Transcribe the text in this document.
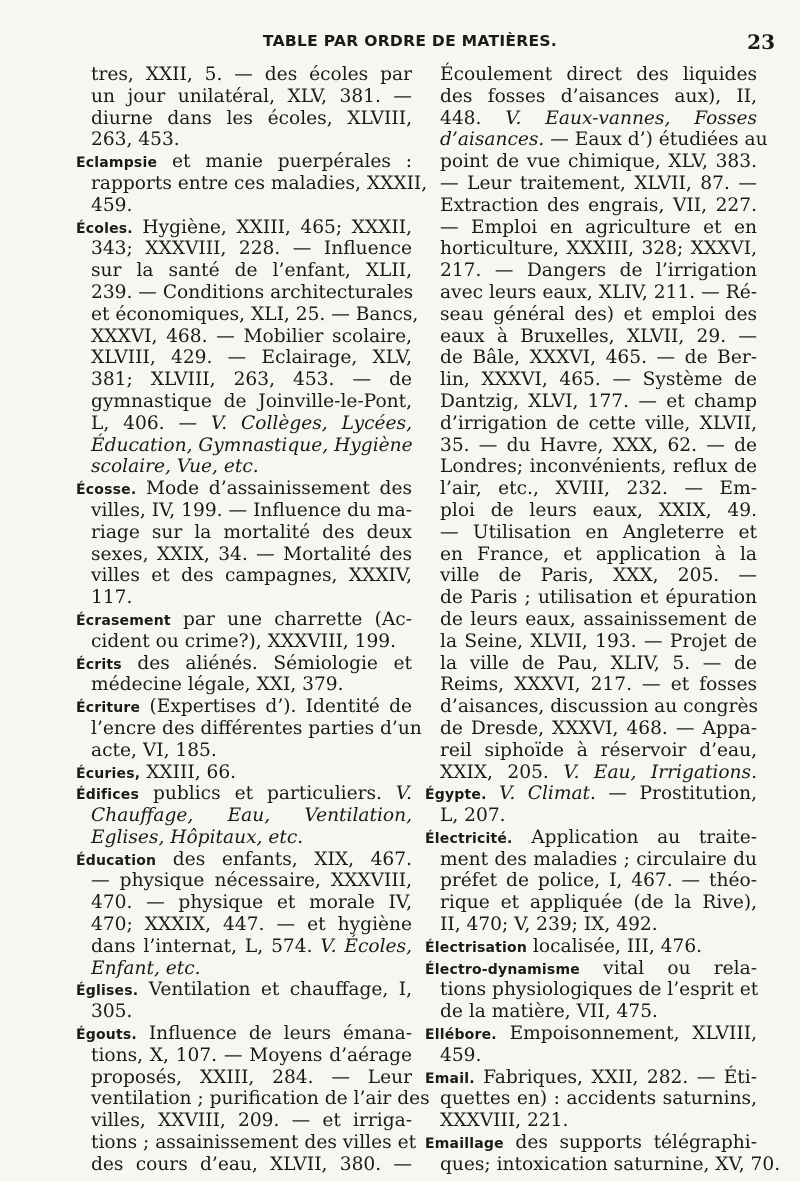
TABLE PAR ORDRE DE MATIÈRES.	23
tres, XXII, 5. — des écoles par
un jour unilatéral, XLV, 381. —
diurne dans les écoles, XLVIII,
263, 453.
Eclampsie et manie puerpérales :
rapports entre ces maladies, XXXII,
459.
Écoles. Hygiène, XXIII, 465; XXXII,
343; XXXVIII, 228. — Influence
sur la santé de l’enfant, XLII,
239. — Conditions architecturales
et économiques, XLI, 25. — Bancs,
XXXVI, 468. — Mobilier scolaire,
XLVIII, 429. — Eclairage, XLV,
381; XLVIII, 263, 453. — de
gymnastique de Joinville-le-Pont,
L, 406. — V. Collèges, Lycées,
Éducation, Gymnastique, Hygiène
scolaire, Vue, etc.
Écosse. Mode d’assainissement des
villes, IV, 199. — Influence du ma-
riage sur la mortalité des deux
sexes, XXIX, 34. — Mortalité des
villes et des campagnes, XXXIV,
117.
Écrasement par une charrette (Ac-
cident ou crime?), XXXVIII, 199.
Écrits des aliénés. Sémiologie et
médecine légale, XXI, 379.
Écriture (Expertises d’). Identité de
l’encre des différentes parties d’un
acte, VI, 185.
Écuries, XXIII, 66.
Édifices publics et particuliers. V.
Chauffage, Eau, Ventilation,
Eglises, Hôpitaux, etc.
Éducation des enfants, XIX, 467.
— physique nécessaire, XXXVIII,
470. — physique et morale IV,
470; XXXIX, 447. — et hygiène
dans l’internat, L, 574. V. Écoles,
Enfant, etc.
Églises. Ventilation et chauffage, I,
305.
Égouts. Influence de leurs émana-
tions, X, 107. — Moyens d’aérage
proposés, XXIII, 284. — Leur
ventilation ; purification de l’air des
villes, XXVIII, 209. — et irriga-
tions ; assainissement des villes et
des cours d’eau, XLVII, 380. —
Écoulement direct des liquides
des fosses d’aisances aux), II,
448. V. Eaux-vannes, Fosses
d’aisances. — Eaux d’) étudiées au
point de vue chimique, XLV, 383.
— Leur traitement, XLVII, 87. —
Extraction des engrais, VII, 227.
— Emploi en agriculture et en
horticulture, XXXIII, 328; XXXVI,
217. — Dangers de l’irrigation
avec leurs eaux, XLIV, 211. — Ré-
seau général des) et emploi des
eaux à Bruxelles, XLVII, 29. —
de Bâle, XXXVI, 465. — de Ber-
lin, XXXVI, 465. — Système de
Dantzig, XLVI, 177. — et champ
d’irrigation de cette ville, XLVII,
35. — du Havre, XXX, 62. — de
Londres; inconvénients, reflux de
l’air, etc., XVIII, 232. — Em-
ploi de leurs eaux, XXIX, 49.
— Utilisation en Angleterre et
en France, et application à la
ville de Paris, XXX, 205. —
de Paris ; utilisation et épuration
de leurs eaux, assainissement de
la Seine, XLVII, 193. — Projet de
la ville de Pau, XLIV, 5. — de
Reims, XXXVI, 217. — et fosses
d’aisances, discussion au congrès
de Dresde, XXXVI, 468. — Appa-
reil siphoïde à réservoir d’eau,
XXIX, 205. V. Eau, Irrigations.
Égypte. V. Climat. — Prostitution,
L, 207.
Électricité. Application au traite-
ment des maladies ; circulaire du
préfet de police, I, 467. — théo-
rique et appliquée (de la Rive),
II, 470; V, 239; IX, 492.
Électrisation localisée, III, 476.
Électro-dynamisme vital ou rela-
tions physiologiques de l’esprit et
de la matière, VII, 475.
Ellébore. Empoisonnement, XLVIII,
459.
Email. Fabriques, XXII, 282. — Éti-
quettes en) : accidents saturnins,
XXXVIII, 221.
Emaillage des supports télégraphi-
ques; intoxication saturnine, XV, 70.
